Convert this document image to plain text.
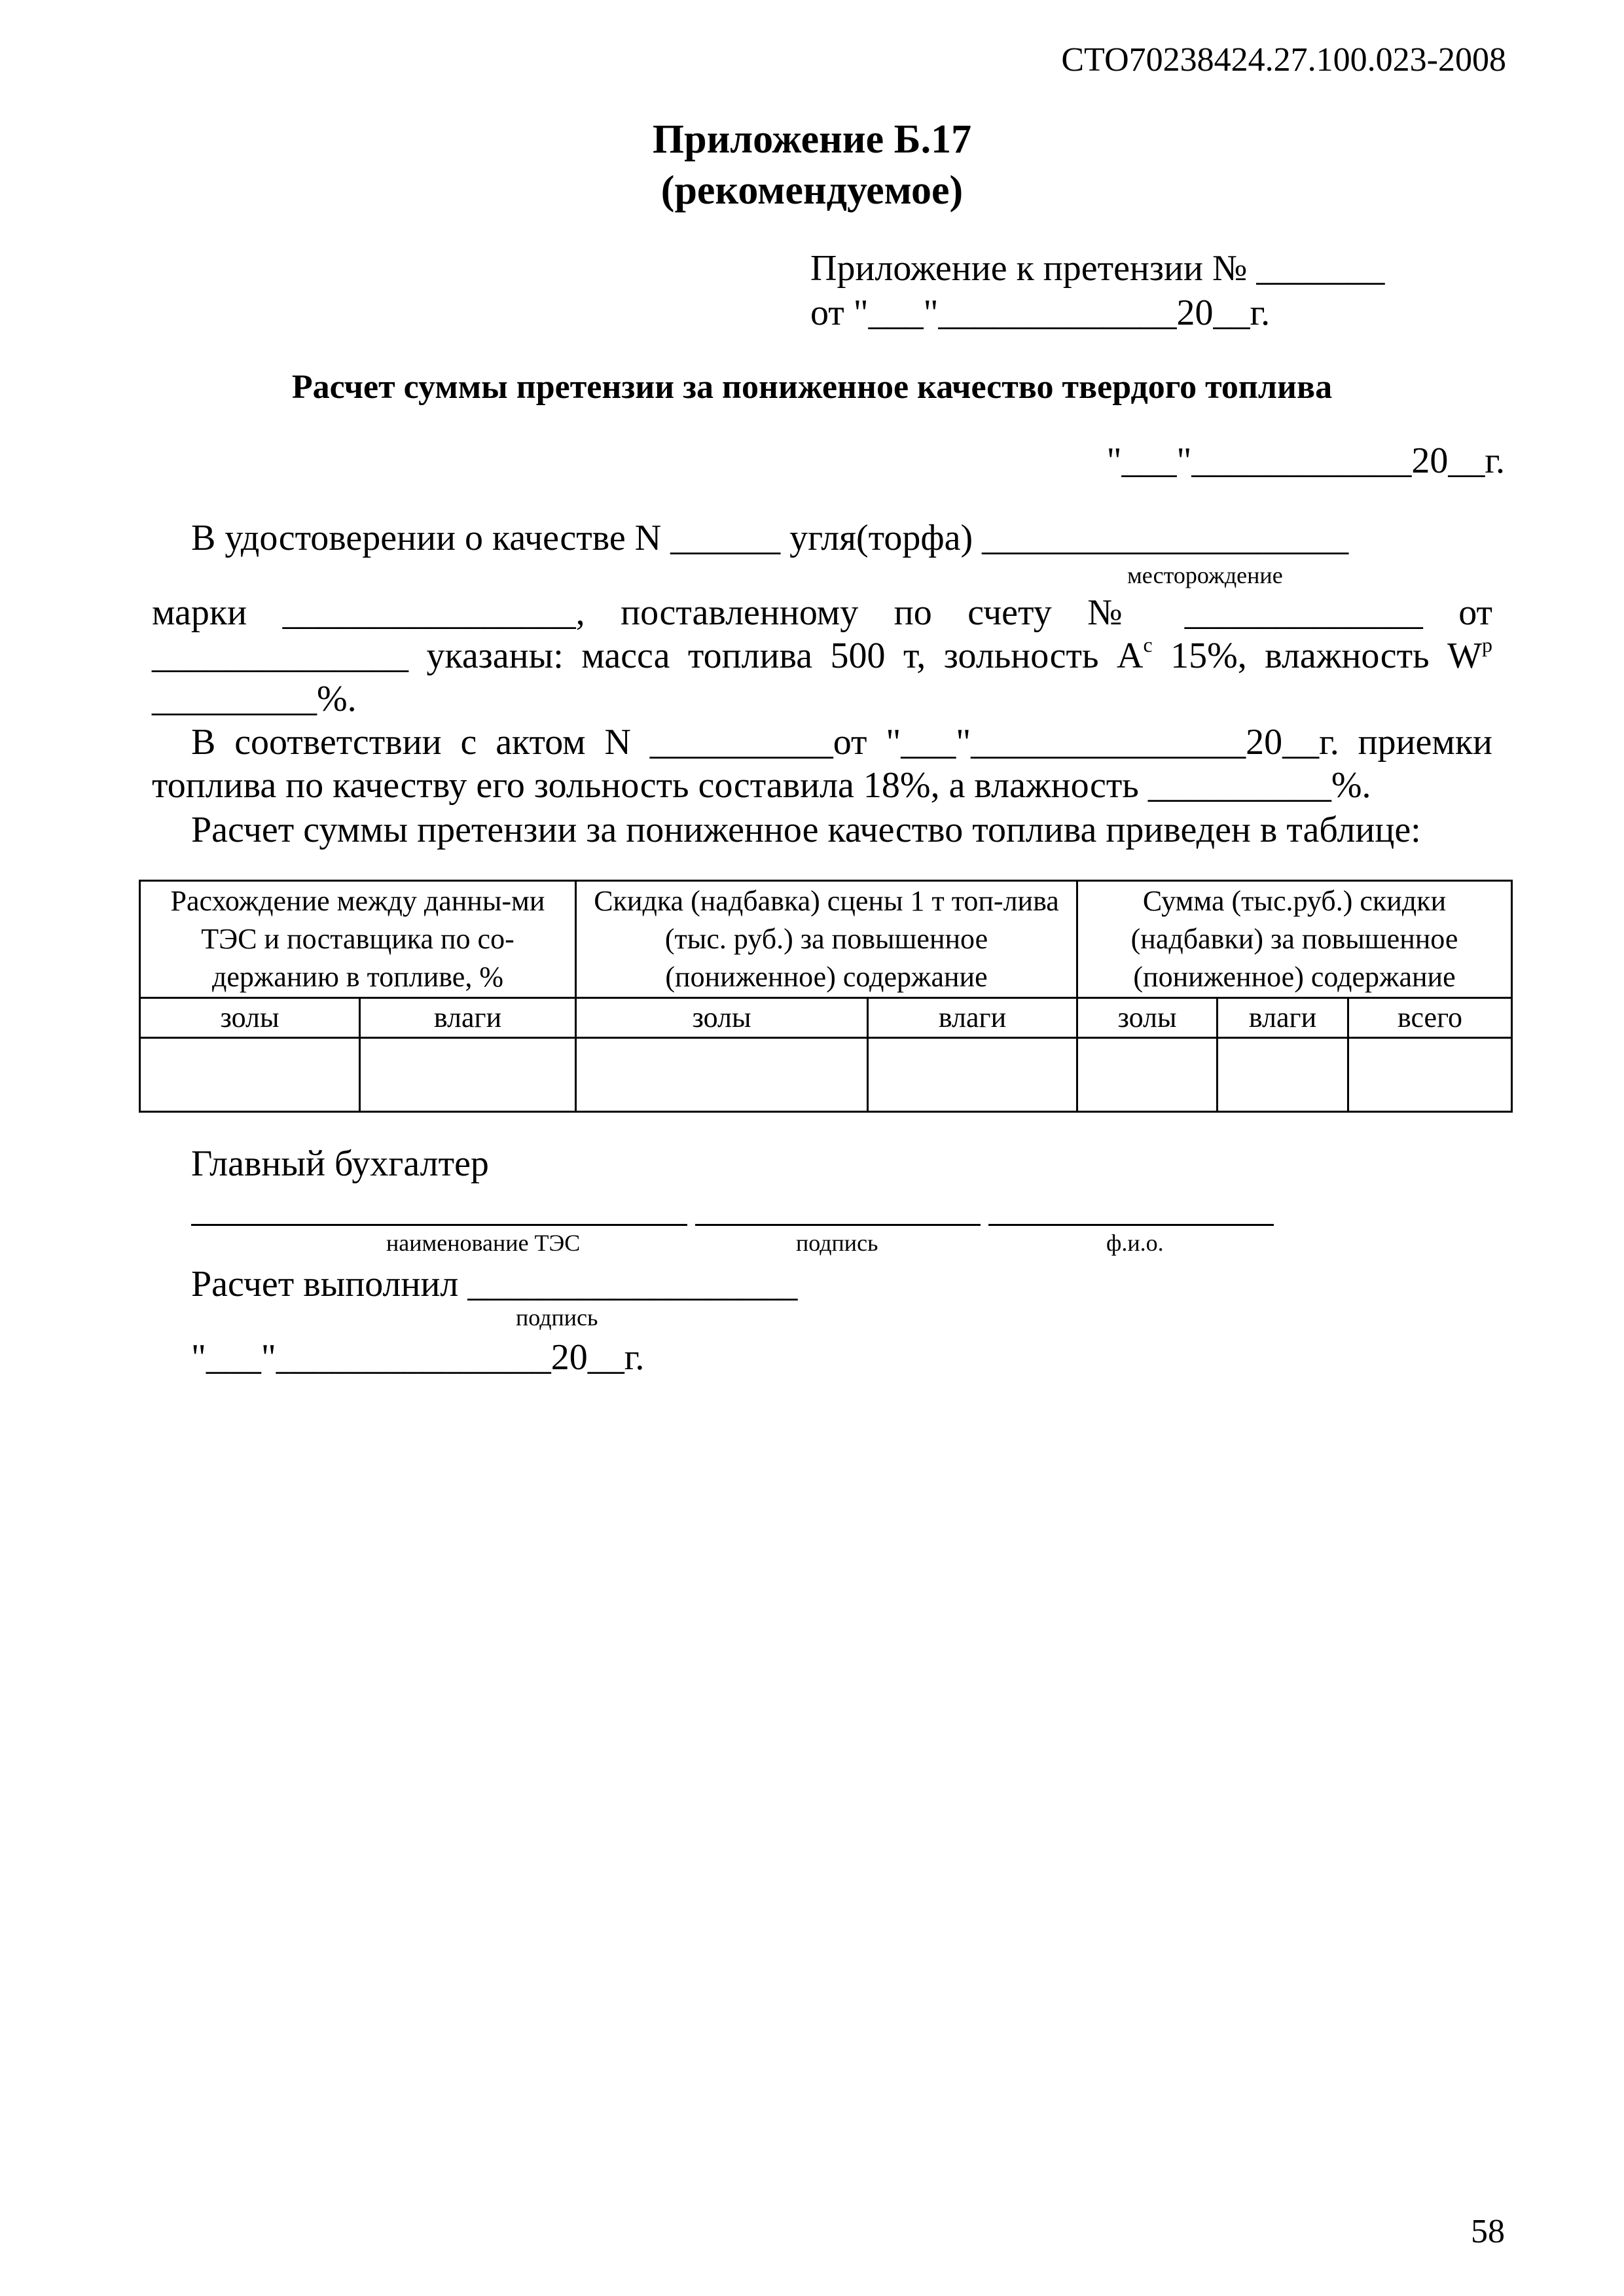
СТО70238424.27.100.023-2008
Приложение Б.17
(рекомендуемое)
Приложение к претензии № _______
от "___"_____________20__г.
Расчет суммы претензии за пониженное качество твердого топлива
"___"____________20__г.
В удостоверении о качестве N ______ угля(торфа) ____________________
месторождение
марки ________________, поставленному по счету № _____________ от
______________ указаны: масса топлива 500 т, зольность $А^с$ 15%, влажность $W^р$
_________%.
В соответствии с актом N __________от "___"_______________20__г. приемки
топлива по качеству его зольность составила 18%, а влажность __________%.
Расчет суммы претензии за пониженное качество топлива приведен в таблице:
Расхождение между данны-ми ТЭС и поставщика по со-держанию в топливе, %		Скидка (надбавка) сцены 1 т топ-лива (тыс. руб.) за повышенное (пониженное) содержание		Сумма (тыс.руб.) скидки (надбавки) за повышенное (пониженное) содержание		
золы	влаги	золы	влаги	золы	влаги	всего

Главный бухгалтер
наименование ТЭС	подпись	ф.и.о.
Расчет выполнил __________________
подпись
"___"_______________20__г.
58
